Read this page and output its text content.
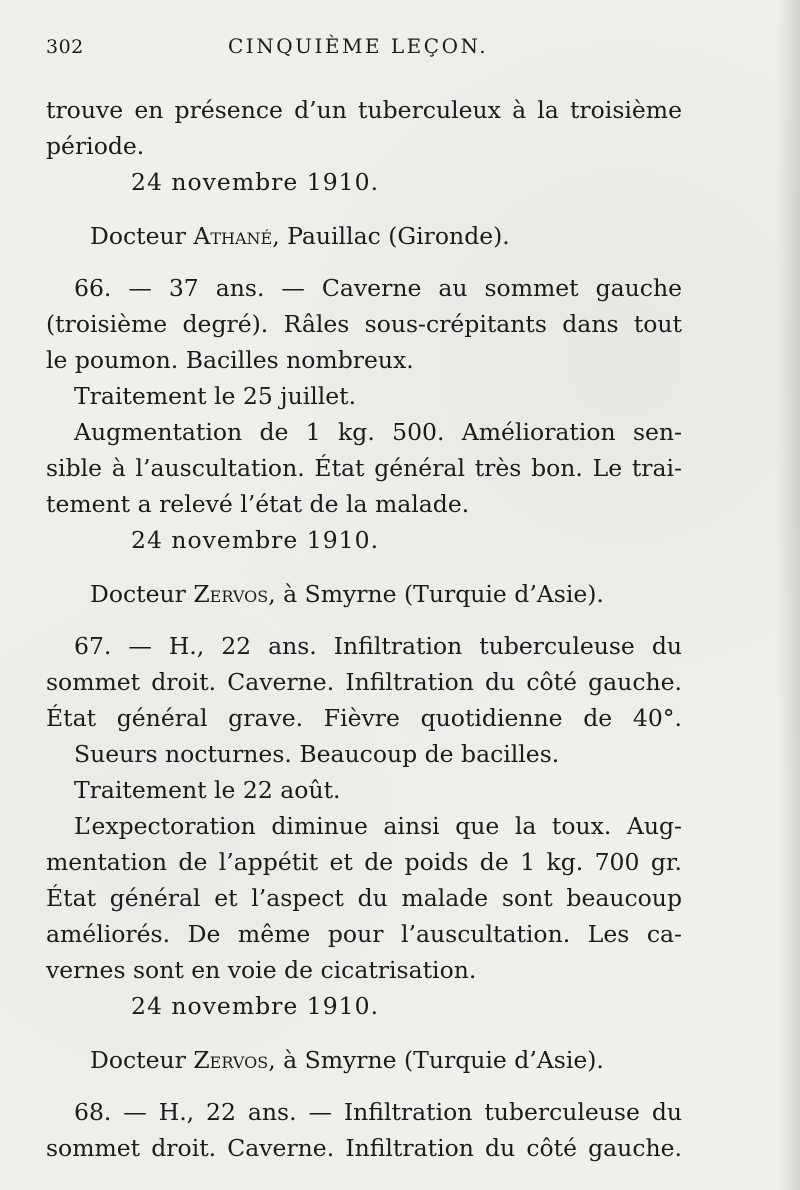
302	CINQUIÈME LEÇON.
trouve en présence d’un tuberculeux à la troisième
période.
24 novembre 1910.
Docteur Athané, Pauillac (Gironde).
66. — 37 ans. — Caverne au sommet gauche
(troisième degré). Râles sous-crépitants dans tout
le poumon. Bacilles nombreux.
Traitement le 25 juillet.
Augmentation de 1 kg. 500. Amélioration sen-
sible à l’auscultation. État général très bon. Le trai-
tement a relevé l’état de la malade.
24 novembre 1910.
Docteur Zervos, à Smyrne (Turquie d’Asie).
67. — H., 22 ans. Infiltration tuberculeuse du
sommet droit. Caverne. Infiltration du côté gauche.
État général grave. Fièvre quotidienne de 40°.
Sueurs nocturnes. Beaucoup de bacilles.
Traitement le 22 août.
L’expectoration diminue ainsi que la toux. Aug-
mentation de l’appétit et de poids de 1 kg. 700 gr.
État général et l’aspect du malade sont beaucoup
améliorés. De même pour l’auscultation. Les ca-
vernes sont en voie de cicatrisation.
24 novembre 1910.
Docteur Zervos, à Smyrne (Turquie d’Asie).
68. — H., 22 ans. — Infiltration tuberculeuse du
sommet droit. Caverne. Infiltration du côté gauche.
